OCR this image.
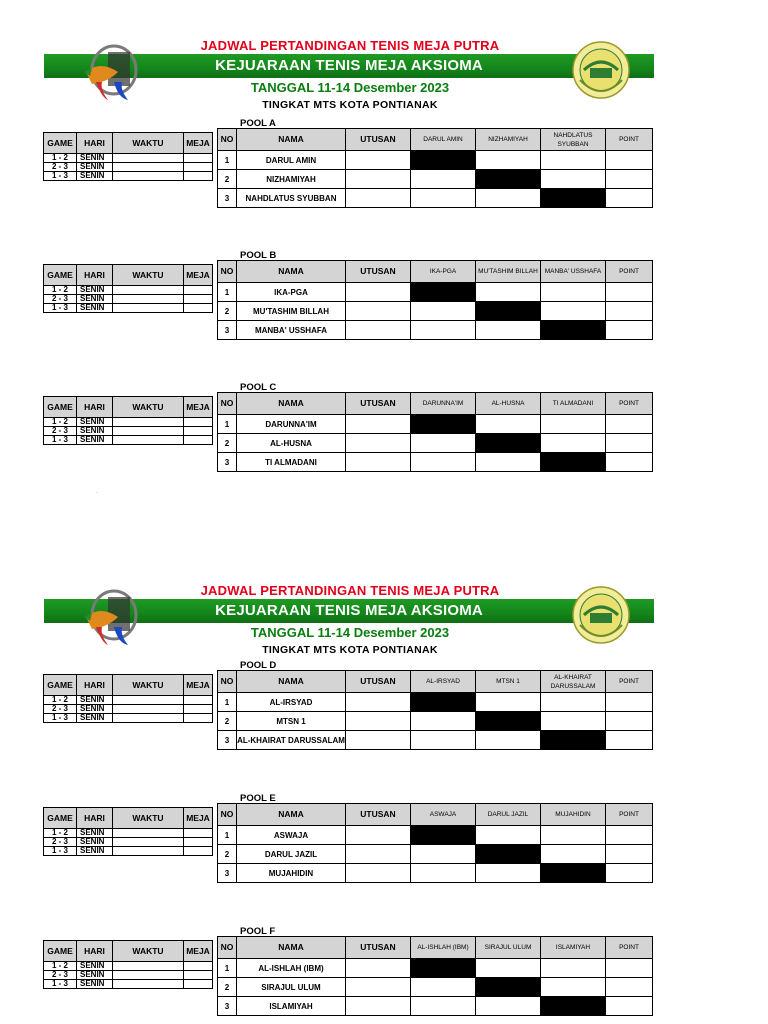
JADWAL PERTANDINGAN TENIS MEJA PUTRA
KEJUARAAN TENIS MEJA AKSIOMA
TANGGAL 11-14 Desember 2023
TINGKAT MTS KOTA PONTIANAK
JADWAL PERTANDINGAN TENIS MEJA PUTRA
KEJUARAAN TENIS MEJA AKSIOMA
TANGGAL 11-14 Desember 2023
TINGKAT MTS KOTA PONTIANAK
·
POOL A
GAME	HARI	WAKTU	MEJA
1 - 2	SENIN		
2 - 3	SENIN		
1 - 3	SENIN		
NO	NAMA	UTUSAN	DARUL AMIN	NIZHAMIYAH	NAHDLATUS SYUBBAN	POINT
1	DARUL AMIN					
2	NIZHAMIYAH					
3	NAHDLATUS SYUBBAN					
POOL B
GAME	HARI	WAKTU	MEJA
1 - 2	SENIN		
2 - 3	SENIN		
1 - 3	SENIN		
NO	NAMA	UTUSAN	IKA-PGA	MU'TASHIM BILLAH	MANBA' USSHAFA	POINT
1	IKA-PGA					
2	MU'TASHIM BILLAH					
3	MANBA' USSHAFA					
POOL C
GAME	HARI	WAKTU	MEJA
1 - 2	SENIN		
2 - 3	SENIN		
1 - 3	SENIN		
NO	NAMA	UTUSAN	DARUNNA'IM	AL-HUSNA	TI ALMADANI	POINT
1	DARUNNA'IM					
2	AL-HUSNA					
3	TI ALMADANI					
POOL D
GAME	HARI	WAKTU	MEJA
1 - 2	SENIN		
2 - 3	SENIN		
1 - 3	SENIN		
NO	NAMA	UTUSAN	AL-IRSYAD	MTSN 1	AL-KHAIRAT DARUSSALAM	POINT
1	AL-IRSYAD					
2	MTSN 1					
3	AL-KHAIRAT DARUSSALAM					
POOL E
GAME	HARI	WAKTU	MEJA
1 - 2	SENIN		
2 - 3	SENIN		
1 - 3	SENIN		
NO	NAMA	UTUSAN	ASWAJA	DARUL JAZIL	MUJAHIDIN	POINT
1	ASWAJA					
2	DARUL JAZIL					
3	MUJAHIDIN					
POOL F
GAME	HARI	WAKTU	MEJA
1 - 2	SENIN		
2 - 3	SENIN		
1 - 3	SENIN		
NO	NAMA	UTUSAN	AL-ISHLAH (IBM)	SIRAJUL ULUM	ISLAMIYAH	POINT
1	AL-ISHLAH (IBM)					
2	SIRAJUL ULUM					
3	ISLAMIYAH					
